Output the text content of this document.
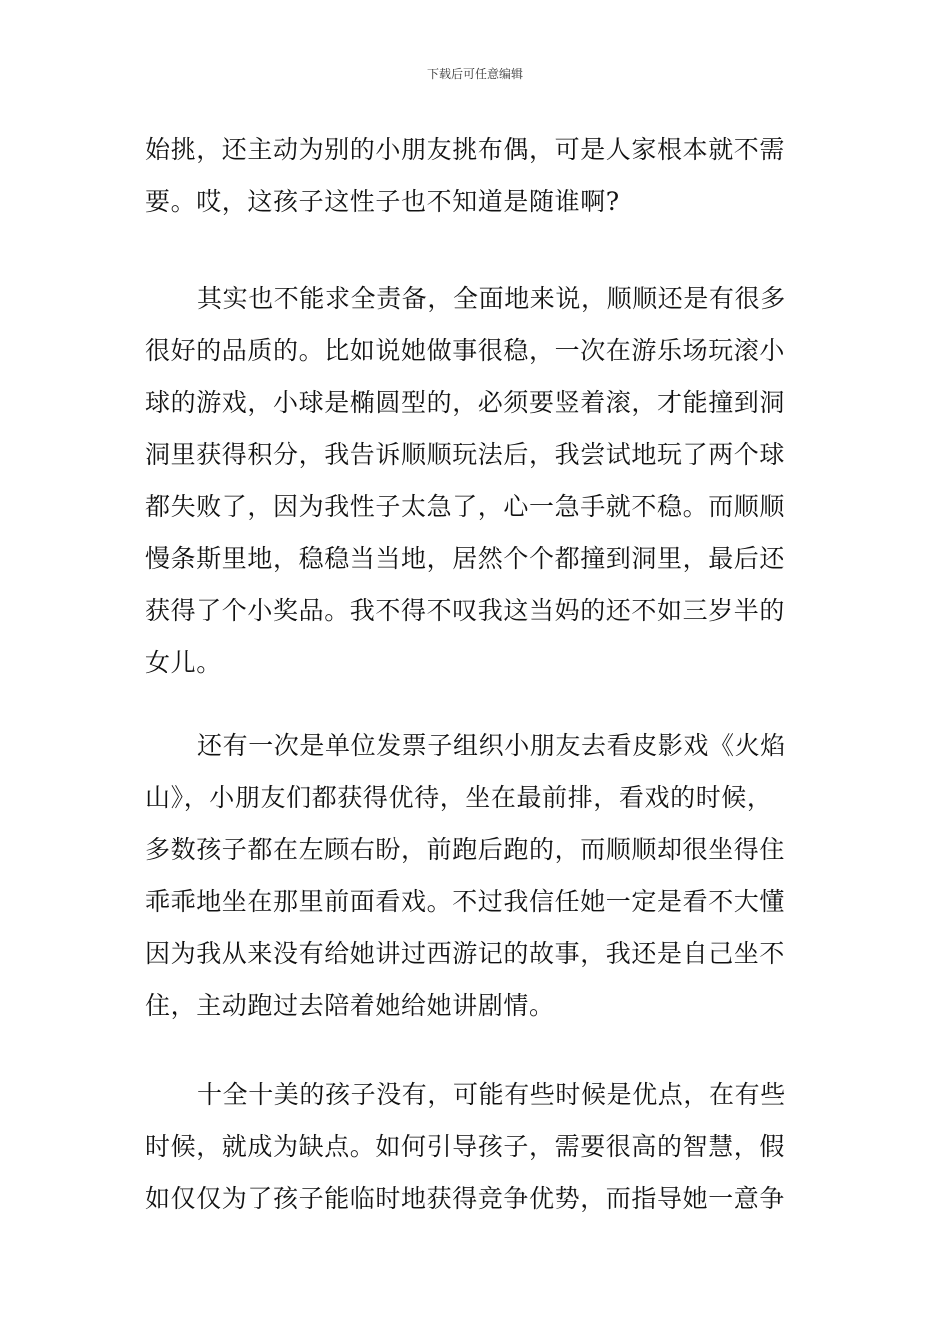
下载后可任意编辑
始挑，还主动为别的小朋友挑布偶，可是人家根本就不需
要。哎，这孩子这性子也不知道是随谁啊?
其实也不能求全责备，全面地来说，顺顺还是有很多
很好的品质的。比如说她做事很稳，一次在游乐场玩滚小
球的游戏，小球是椭圆型的，必须要竖着滚，才能撞到洞
洞里获得积分，我告诉顺顺玩法后，我尝试地玩了两个球
都失败了，因为我性子太急了，心一急手就不稳。而顺顺
慢条斯里地，稳稳当当地，居然个个都撞到洞里，最后还
获得了个小奖品。我不得不叹我这当妈的还不如三岁半的
女儿。
还有一次是单位发票子组织小朋友去看皮影戏《火焰
山》，小朋友们都获得优待，坐在最前排，看戏的时候，
多数孩子都在左顾右盼，前跑后跑的，而顺顺却很坐得住
乖乖地坐在那里前面看戏。不过我信任她一定是看不大懂
因为我从来没有给她讲过西游记的故事，我还是自己坐不
住，主动跑过去陪着她给她讲剧情。
十全十美的孩子没有，可能有些时候是优点，在有些
时候，就成为缺点。如何引导孩子，需要很高的智慧，假
如仅仅为了孩子能临时地获得竞争优势，而指导她一意争
